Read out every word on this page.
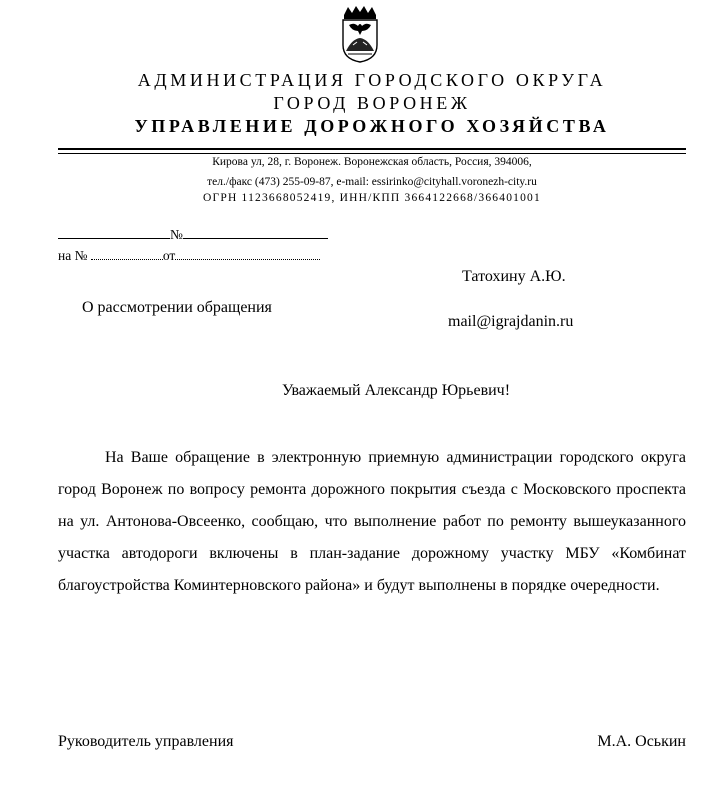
АДМИНИСТРАЦИЯ ГОРОДСКОГО ОКРУГА
ГОРОД ВОРОНЕЖ
УПРАВЛЕНИЕ ДОРОЖНОГО ХОЗЯЙСТВА
Кирова ул, 28, г. Воронеж. Воронежская область, Россия, 394006,
тел./факс (473) 255-09-87, e-mail: essirinko@cityhall.voronezh-city.ru
ОГРН 1123668052419, ИНН/КПП 3664122668/366401001
№
на №	от
Татохину А.Ю.
mail@igrajdanin.ru
О рассмотрении обращения
Уважаемый Александр Юрьевич!
На Ваше обращение в электронную приемную администрации городского округа город Воронеж по вопросу ремонта дорожного покрытия съезда с Московского проспекта на ул. Антонова-Овсеенко, сообщаю, что выполнение работ по ремонту вышеуказанного участка автодороги включены в план-задание дорожному участку МБУ «Комбинат благоустройства Коминтерновского района» и будут выполнены в порядке очередности.
Руководитель управления	М.А. Оськин
